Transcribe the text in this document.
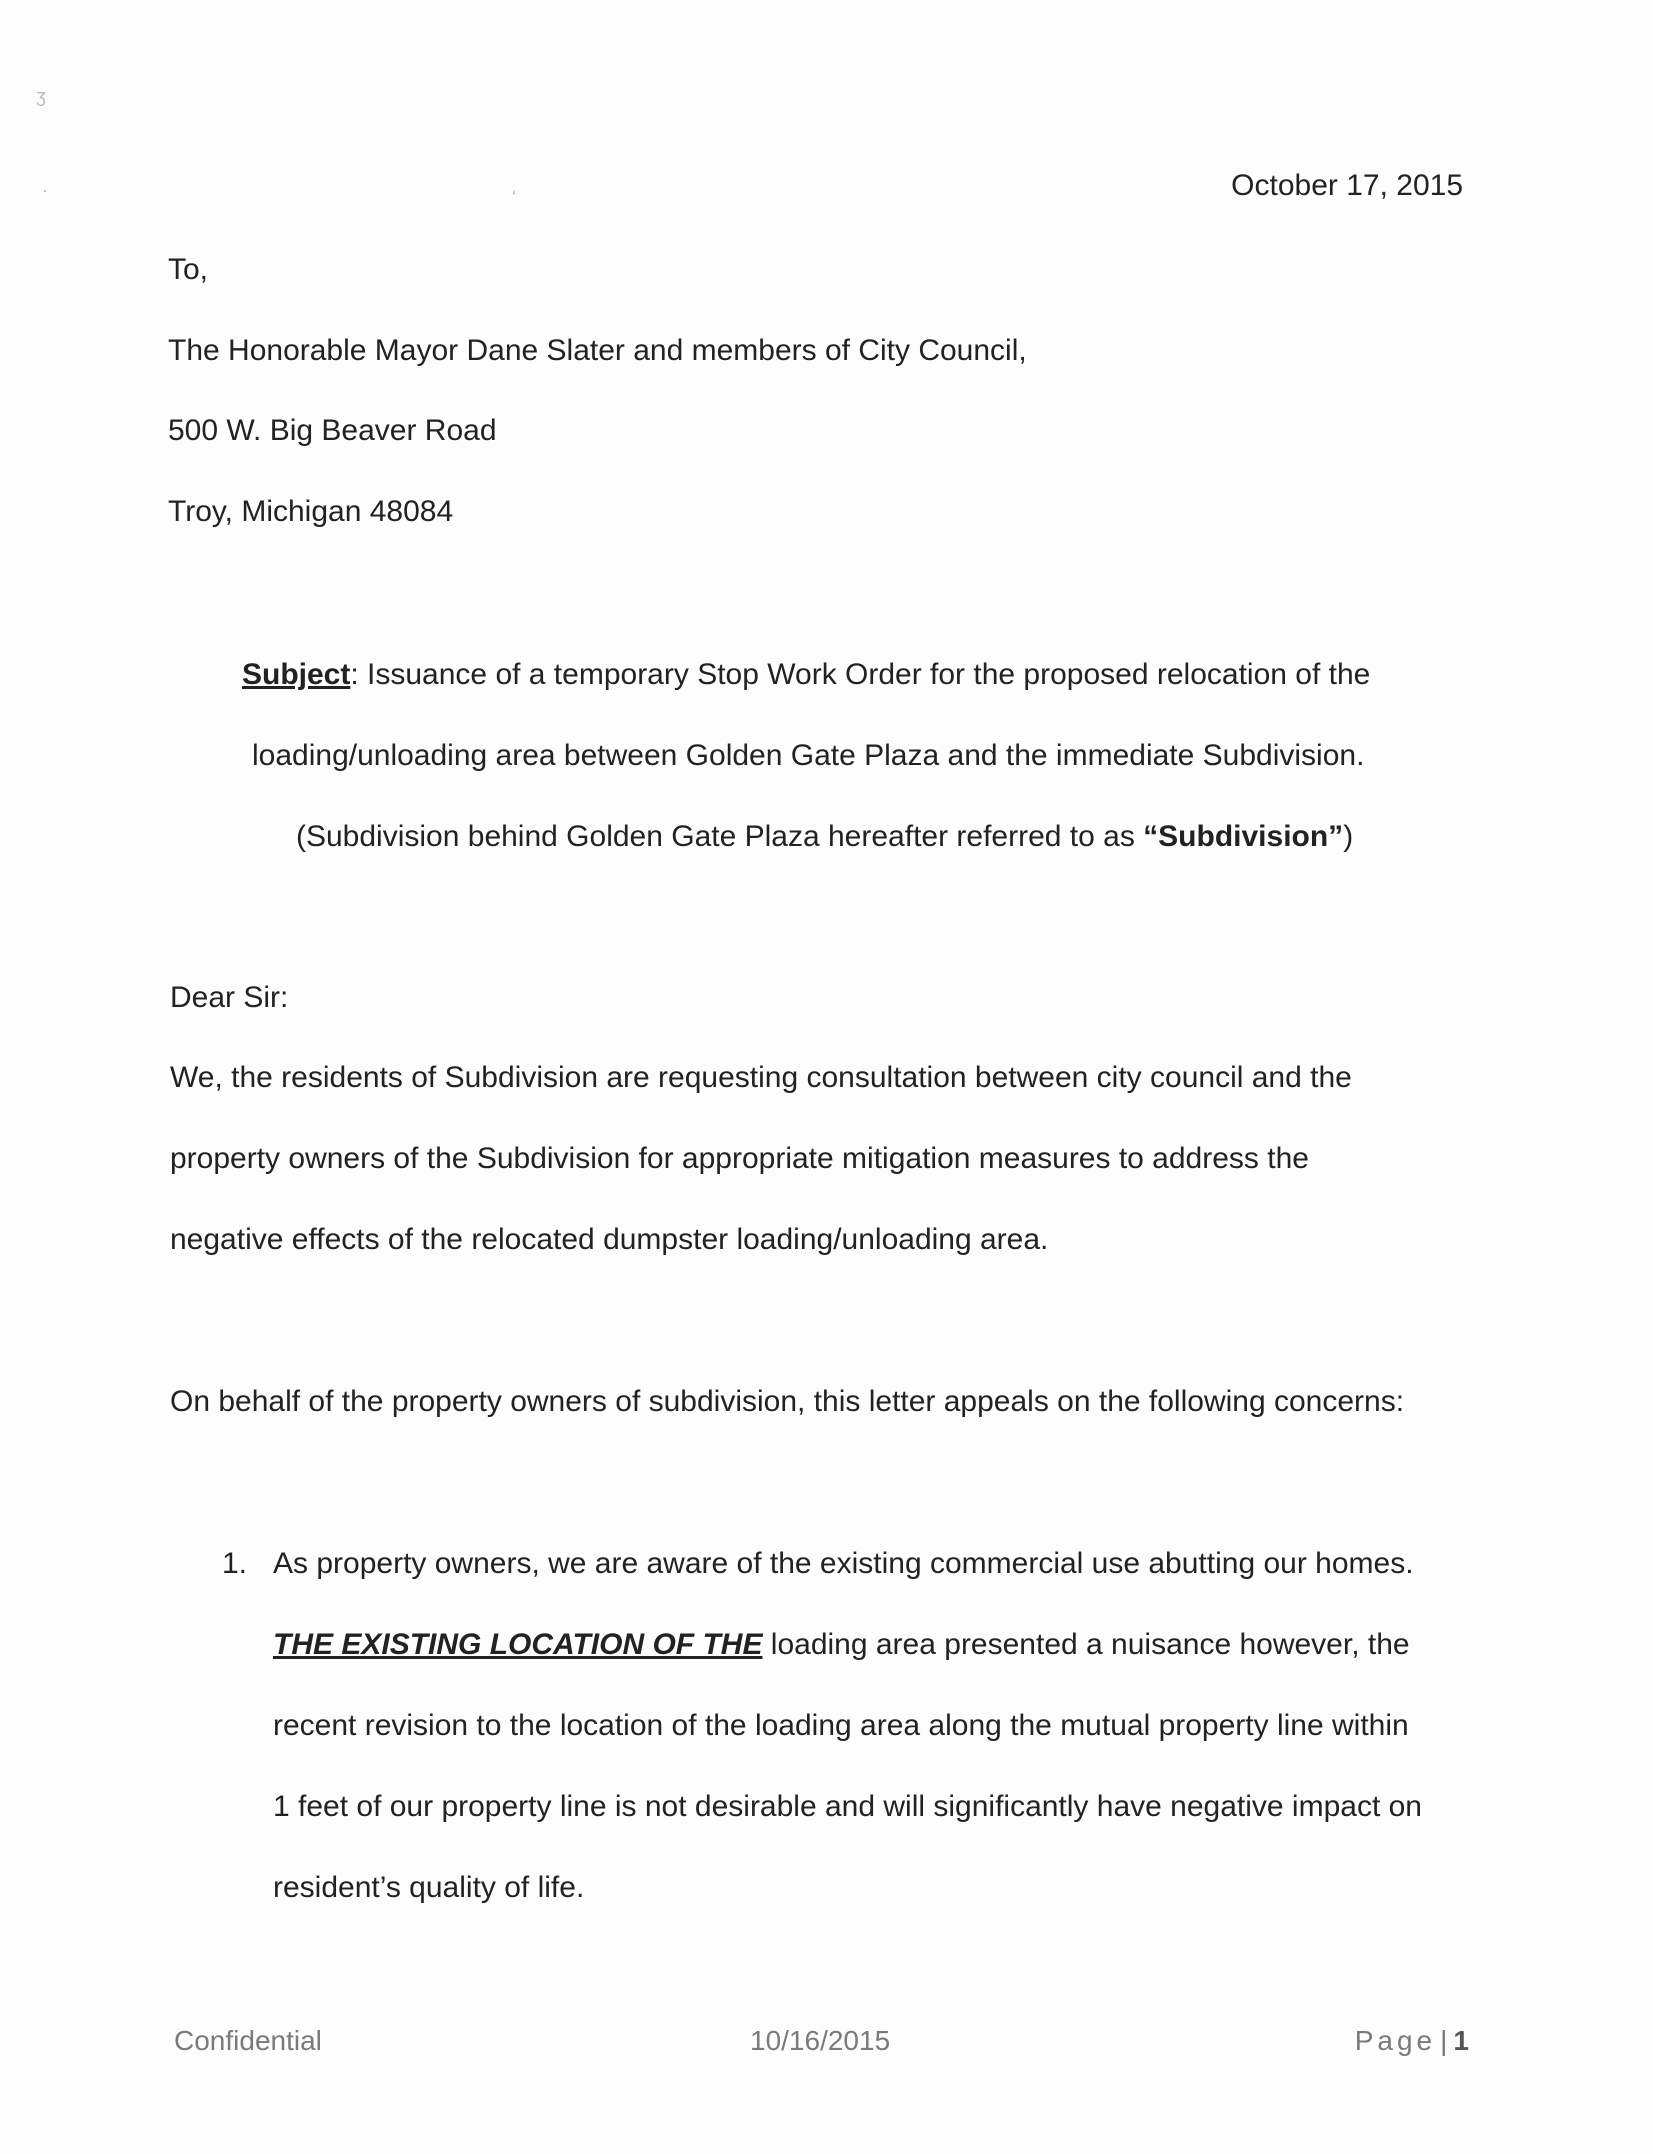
ʒ
·	ʻ	October 17, 2015
To,
The Honorable Mayor Dane Slater and members of City Council,
500 W. Big Beaver Road
Troy, Michigan 48084
Subject: Issuance of a temporary Stop Work Order for the proposed relocation of the
loading/unloading area between Golden Gate Plaza and the immediate Subdivision.
(Subdivision behind Golden Gate Plaza hereafter referred to as “Subdivision”)
Dear Sir:
We, the residents of Subdivision are requesting consultation between city council and the
property owners of the Subdivision for appropriate mitigation measures to address the
negative effects of the relocated dumpster loading/unloading area.
On behalf of the property owners of subdivision, this letter appeals on the following concerns:
1. As property owners, we are aware of the existing commercial use abutting our homes.
THE EXISTING LOCATION OF THE loading area presented a nuisance however, the
recent revision to the location of the loading area along the mutual property line within
1 feet of our property line is not desirable and will significantly have negative impact on
resident’s quality of life.
Confidential	10/16/2015	Page | 1
